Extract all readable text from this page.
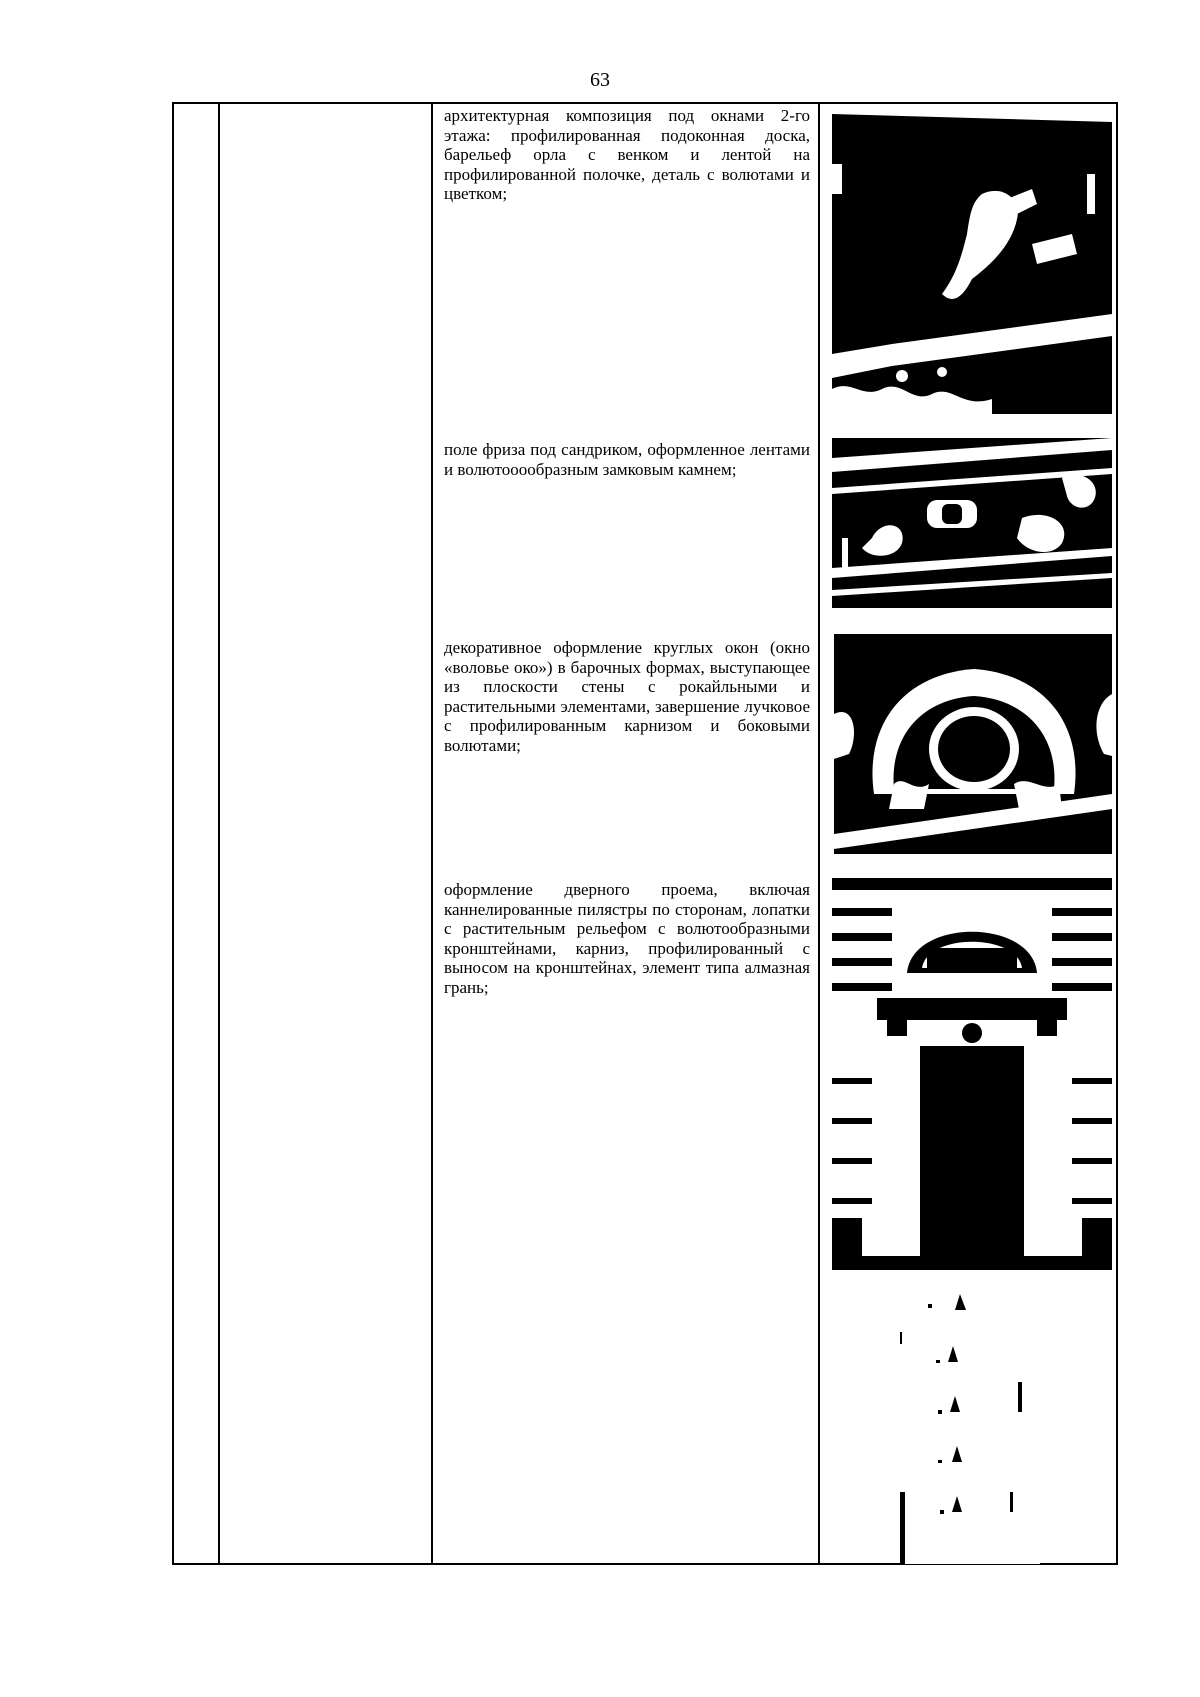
63

архитектурная композиция под окнами 2-го этажа: профилированная подоконная доска, барельеф орла с венком и лентой на профилированной полочке, деталь с волютами и цветком;

поле фриза под сандриком, оформленное лентами и волютооообразным замковым камнем;

декоративное оформление круглых окон (окно «воловье око») в барочных формах, выступающее из плоскости стены с рокайльными и растительными элементами, завершение лучковое с профилированным карнизом и боковыми волютами;

оформление дверного проема, включая каннелированные пилястры по сторонам, лопатки с растительным рельефом с волютообразными кронштейнами, карниз, профилированный с выносом на кронштейнах, элемент типа алмазная грань;
